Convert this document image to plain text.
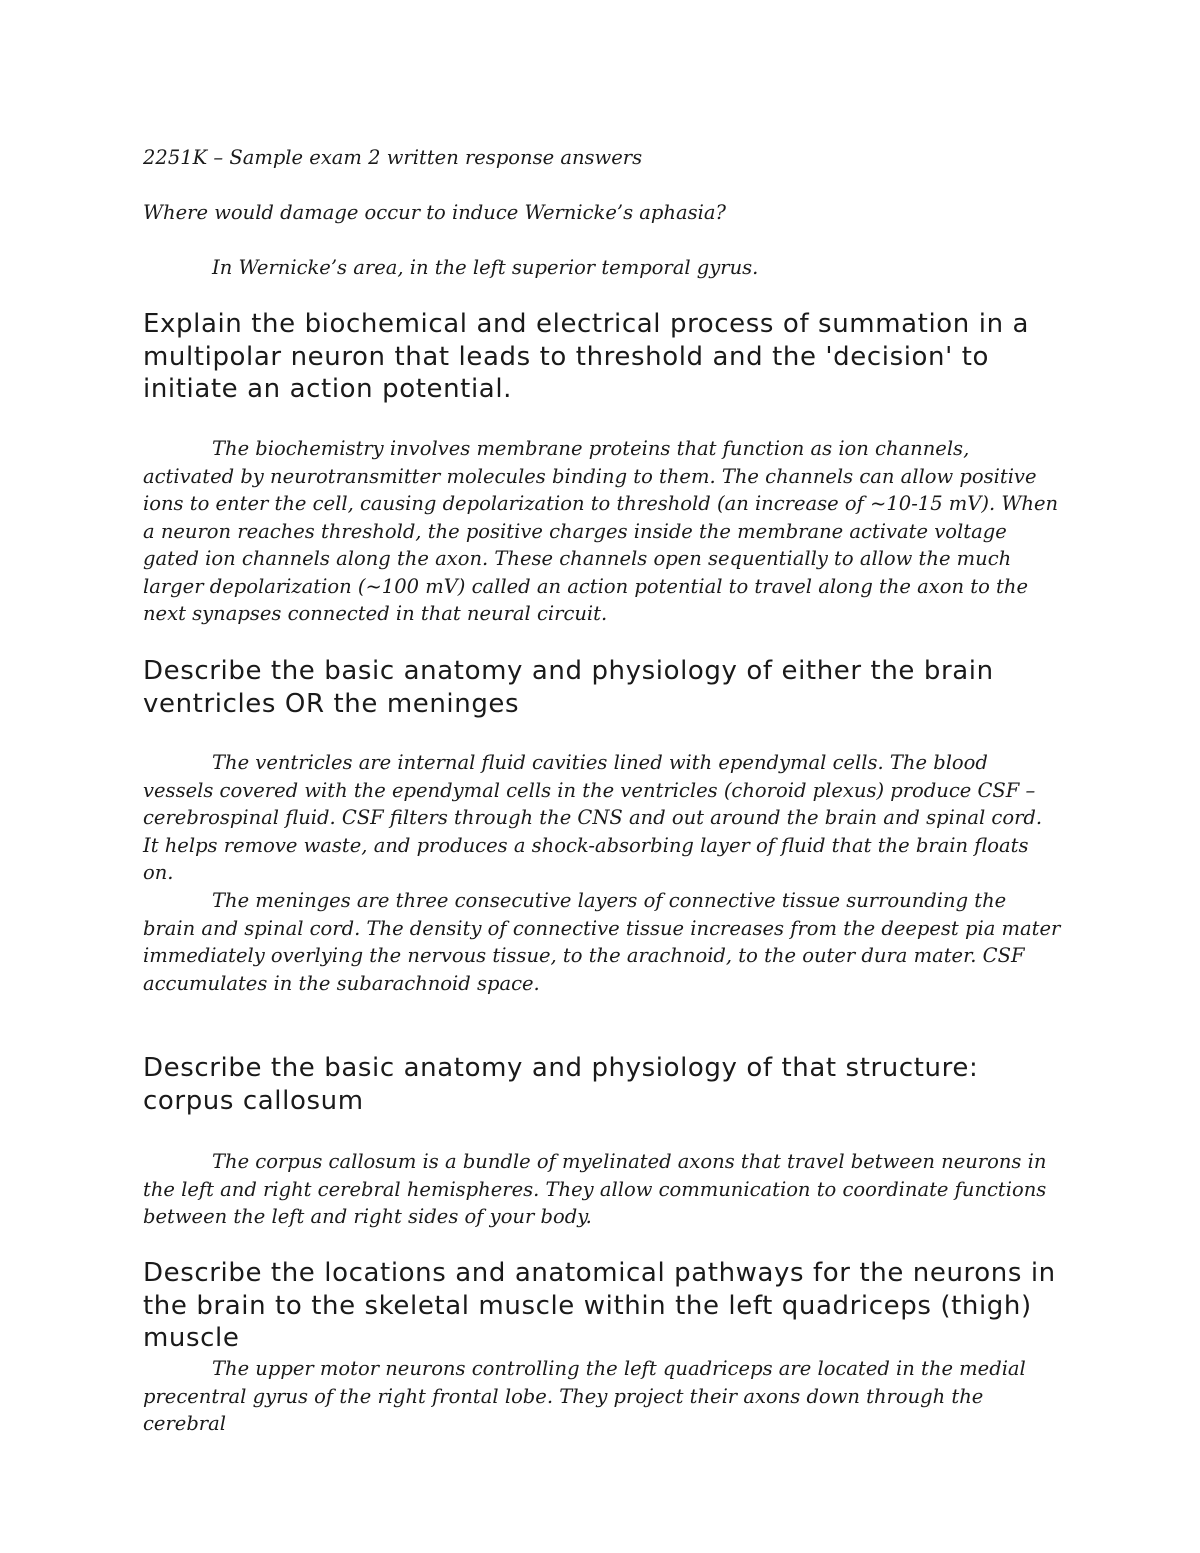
2251K – Sample exam 2 written response answers

Where would damage occur to induce Wernicke’s aphasia?

In Wernicke’s area, in the left superior temporal gyrus.

Explain the biochemical and electrical process of summation in a multipolar neuron that leads to threshold and the 'decision' to initiate an action potential.

The biochemistry involves membrane proteins that function as ion channels, activated by neurotransmitter molecules binding to them. The channels can allow positive ions to enter the cell, causing depolarization to threshold (an increase of ~10-15 mV). When a neuron reaches threshold, the positive charges inside the membrane activate voltage gated ion channels along the axon. These channels open sequentially to allow the much larger depolarization (~100 mV) called an action potential to travel along the axon to the next synapses connected in that neural circuit.

Describe the basic anatomy and physiology of either the brain ventricles OR the meninges

The ventricles are internal fluid cavities lined with ependymal cells. The blood vessels covered with the ependymal cells in the ventricles (choroid plexus) produce CSF – cerebrospinal fluid. CSF filters through the CNS and out around the brain and spinal cord. It helps remove waste, and produces a shock-absorbing layer of fluid that the brain floats on.

The meninges are three consecutive layers of connective tissue surrounding the brain and spinal cord. The density of connective tissue increases from the deepest pia mater immediately overlying the nervous tissue, to the arachnoid, to the outer dura mater. CSF accumulates in the subarachnoid space.

Describe the basic anatomy and physiology of that structure: corpus callosum

The corpus callosum is a bundle of myelinated axons that travel between neurons in the left and right cerebral hemispheres. They allow communication to coordinate functions between the left and right sides of your body.

Describe the locations and anatomical pathways for the neurons in the brain to the skeletal muscle within the left quadriceps (thigh) muscle

The upper motor neurons controlling the left quadriceps are located in the medial precentral gyrus of the right frontal lobe. They project their axons down through the cerebral
